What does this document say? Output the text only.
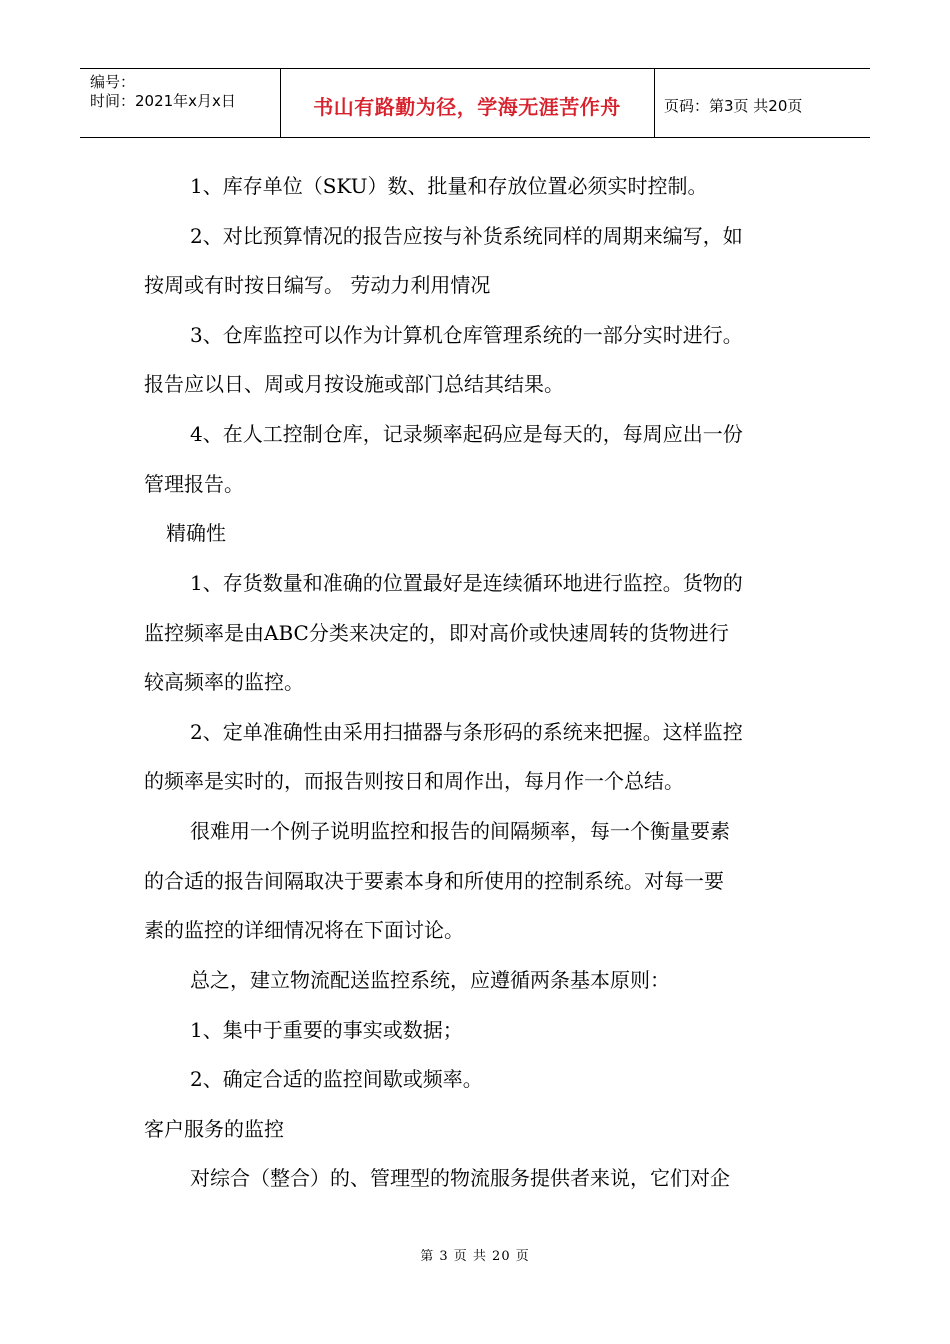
编号：
时间：2021年x月x日	书山有路勤为径，学海无涯苦作舟	页码：第3页 共20页
1、库存单位（SKU）数、批量和存放位置必须实时控制。
2、对比预算情况的报告应按与补货系统同样的周期来编写，如
按周或有时按日编写。 劳动力利用情况
3、仓库监控可以作为计算机仓库管理系统的一部分实时进行。
报告应以日、周或月按设施或部门总结其结果。
4、在人工控制仓库，记录频率起码应是每天的，每周应出一份
管理报告。
精确性
1、存货数量和准确的位置最好是连续循环地进行监控。货物的
监控频率是由ABC分类来决定的，即对高价或快速周转的货物进行
较高频率的监控。
2、定单准确性由采用扫描器与条形码的系统来把握。这样监控
的频率是实时的，而报告则按日和周作出，每月作一个总结。
很难用一个例子说明监控和报告的间隔频率，每一个衡量要素
的合适的报告间隔取决于要素本身和所使用的控制系统。对每一要
素的监控的详细情况将在下面讨论。
总之，建立物流配送监控系统，应遵循两条基本原则：
1、集中于重要的事实或数据；
2、确定合适的监控间歇或频率。
客户服务的监控
对综合（整合）的、管理型的物流服务提供者来说，它们对企
第 3 页 共 20 页
